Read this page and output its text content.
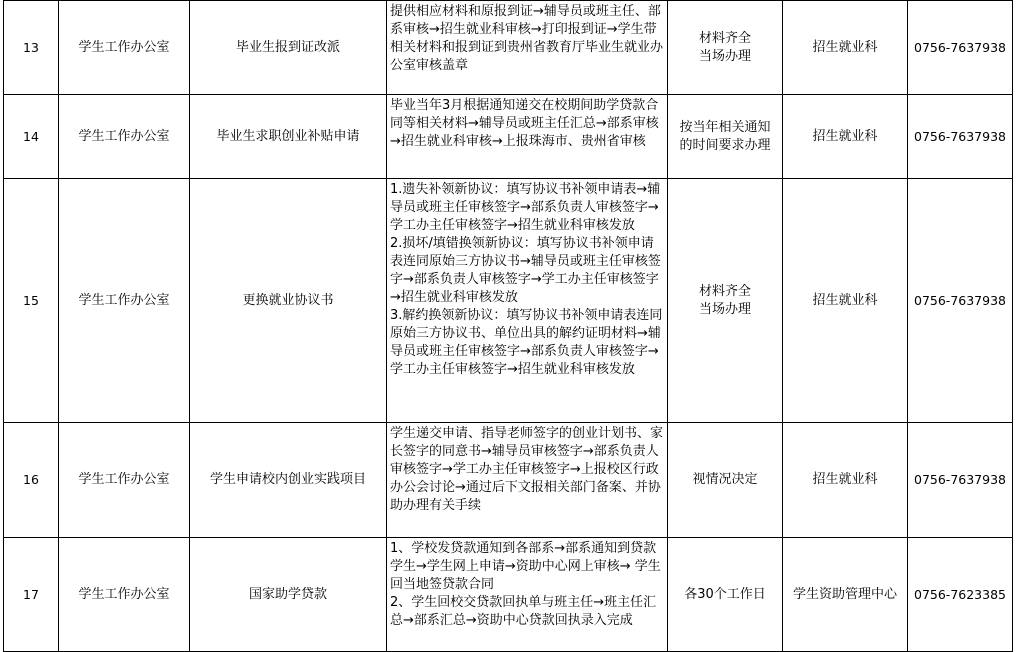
13	学生工作办公室	毕业生报到证改派	提供相应材料和原报到证→辅导员或班主任、部系审核→招生就业科审核→打印报到证→学生带相关材料和报到证到贵州省教育厅毕业生就业办公室审核盖章	材料齐全
当场办理	招生就业科	0756-7637938
14	学生工作办公室	毕业生求职创业补贴申请	毕业当年3月根据通知递交在校期间助学贷款合同等相关材料→辅导员或班主任汇总→部系审核→招生就业科审核→上报珠海市、贵州省审核	按当年相关通知
的时间要求办理	招生就业科	0756-7637938
15	学生工作办公室	更换就业协议书	1.遗失补领新协议：填写协议书补领申请表→辅导员或班主任审核签字→部系负责人审核签字→学工办主任审核签字→招生就业科审核发放
2.损坏/填错换领新协议：填写协议书补领申请表连同原始三方协议书→辅导员或班主任审核签字→部系负责人审核签字→学工办主任审核签字→招生就业科审核发放
3.解约换领新协议：填写协议书补领申请表连同原始三方协议书、单位出具的解约证明材料→辅导员或班主任审核签字→部系负责人审核签字→学工办主任审核签字→招生就业科审核发放	材料齐全
当场办理	招生就业科	0756-7637938
16	学生工作办公室	学生申请校内创业实践项目	学生递交申请、指导老师签字的创业计划书、家长签字的同意书→辅导员审核签字→部系负责人审核签字→学工办主任审核签字→上报校区行政办公会讨论→通过后下文报相关部门备案、并协助办理有关手续	视情况决定	招生就业科	0756-7637938
17	学生工作办公室	国家助学贷款	1、学校发贷款通知到各部系→部系通知到贷款学生→学生网上申请→资助中心网上审核→ 学生回当地签贷款合同
2、学生回校交贷款回执单与班主任→班主任汇总→部系汇总→资助中心贷款回执录入完成	各30个工作日	学生资助管理中心	0756-7623385
